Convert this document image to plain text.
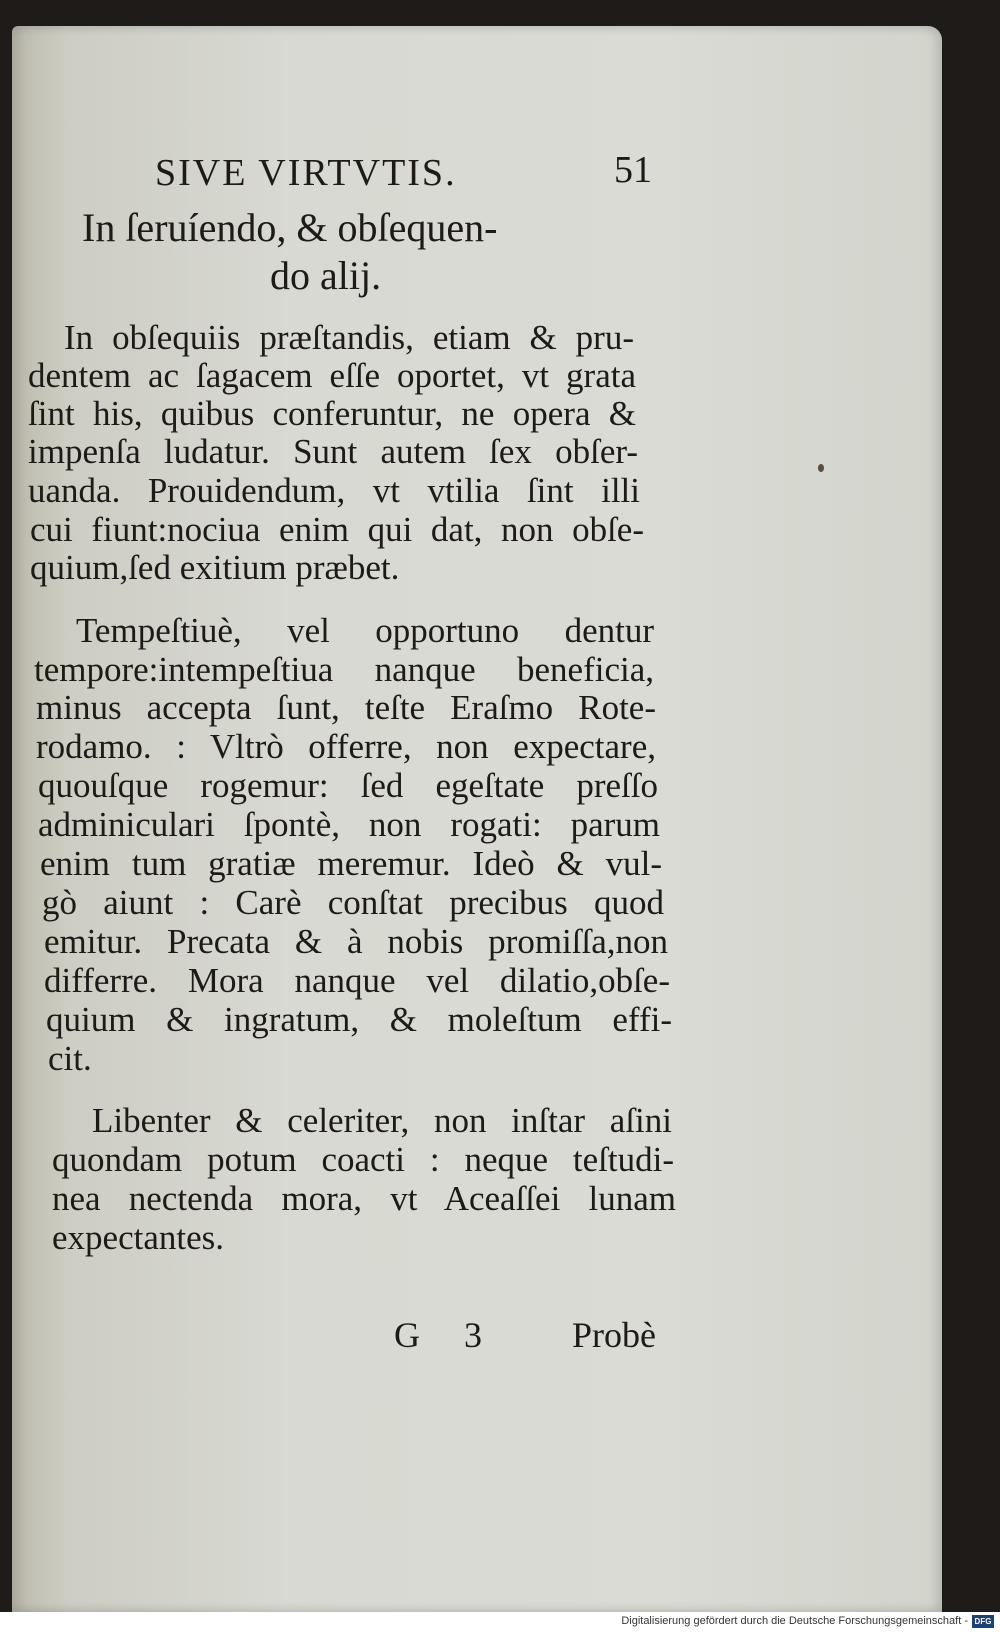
SIVE VIRTVTIS.	51
In ſeruíendo, & obſequen-
do alij.
In obſequiis præſtandis, etiam & pru-
dentem ac ſagacem eſſe oportet, vt grata
ſint his, quibus conferuntur, ne opera &
impenſa ludatur. Sunt autem ſex obſer-
uanda. Prouidendum, vt vtilia ſint illi
cui fiunt:nociua enim qui dat, non obſe-
quium,ſed exitium præbet.
Tempeſtiuè, vel opportuno dentur
tempore:intempeſtiua nanque beneficia,
minus accepta ſunt, teſte Eraſmo Rote-
rodamo. : Vltrò offerre, non expectare,
quouſque rogemur: ſed egeſtate preſſo
adminiculari ſpontè, non rogati: parum
enim tum gratiæ meremur. Ideò & vul-
gò aiunt : Carè conſtat precibus quod
emitur. Precata & à nobis promiſſa,non
differre. Mora nanque vel dilatio,obſe-
quium & ingratum, & moleſtum effi-
cit.
Libenter & celeriter, non inſtar aſini
quondam potum coacti : neque teſtudi-
nea nectenda mora, vt Aceaſſei lunam
expectantes.
G 3	Probè
Digitalisierung gefördert durch die Deutsche Forschungsgemeinschaft - DFG
